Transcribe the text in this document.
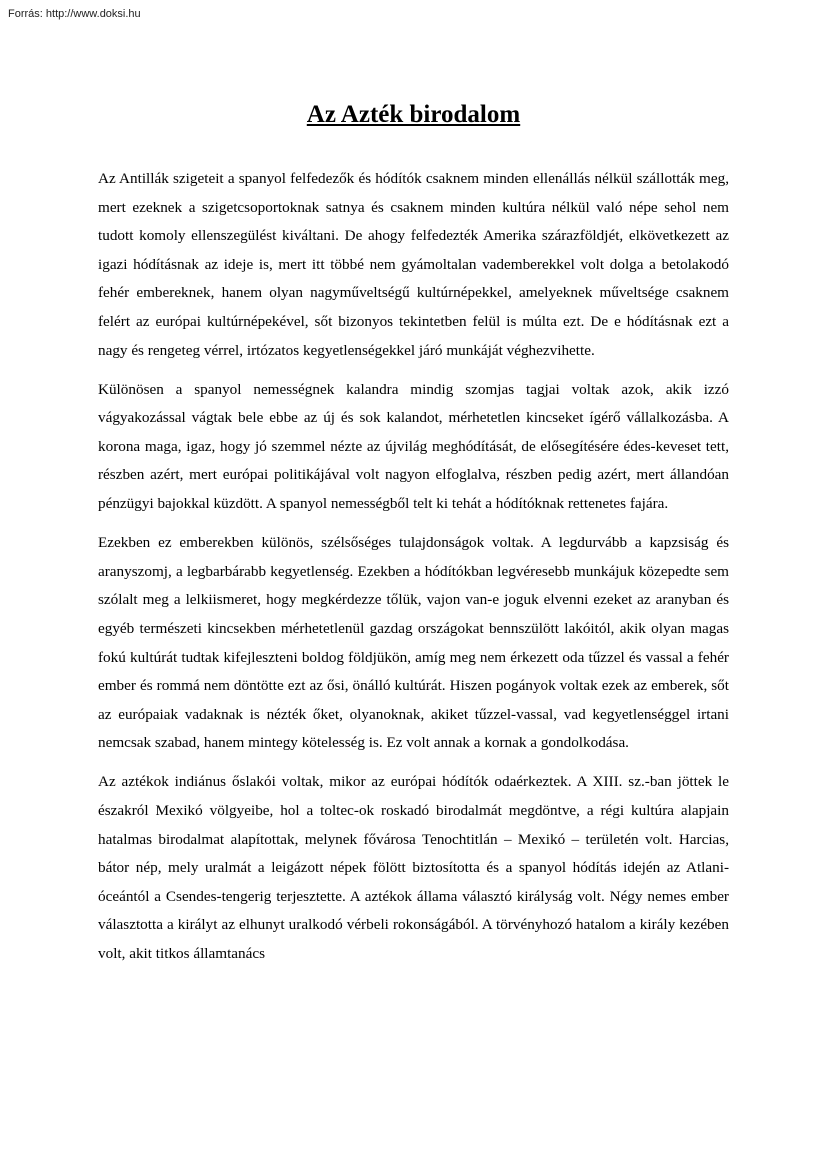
Forrás: http://www.doksi.hu
Az Azték birodalom

Az Antillák szigeteit a spanyol felfedezők és hódítók csaknem minden ellenállás nélkül szállották meg, mert ezeknek a szigetcsoportoknak satnya és csaknem minden kultúra nélkül való népe sehol nem tudott komoly ellenszegülést kiváltani. De ahogy felfedezték Amerika szárazföldjét, elkövetkezett az igazi hódításnak az ideje is, mert itt többé nem gyámoltalan vademberekkel volt dolga a betolakodó fehér embereknek, hanem olyan nagyműveltségű kultúrnépekkel, amelyeknek műveltsége csaknem felért az európai kultúrnépekével, sőt bizonyos tekintetben felül is múlta ezt. De e hódításnak ezt a nagy és rengeteg vérrel, irtózatos kegyetlenségekkel járó munkáját véghezvihette.

Különösen a spanyol nemességnek kalandra mindig szomjas tagjai voltak azok, akik izzó vágyakozással vágtak bele ebbe az új és sok kalandot, mérhetetlen kincseket ígérő vállalkozásba. A korona maga, igaz, hogy jó szemmel nézte az újvilág meghódítását, de elősegítésére édes-keveset tett, részben azért, mert európai politikájával volt nagyon elfoglalva, részben pedig azért, mert állandóan pénzügyi bajokkal küzdött. A spanyol nemességből telt ki tehát a hódítóknak rettenetes fajára.

Ezekben ez emberekben különös, szélsőséges tulajdonságok voltak. A legdurvább a kapzsiság és aranyszomj, a legbarbárabb kegyetlenség. Ezekben a hódítókban legvéresebb munkájuk közepedte sem szólalt meg a lelkiismeret, hogy megkérdezze tőlük, vajon van-e joguk elvenni ezeket az aranyban és egyéb természeti kincsekben mérhetetlenül gazdag országokat bennszülött lakóitól, akik olyan magas fokú kultúrát tudtak kifejleszteni boldog földjükön, amíg meg nem érkezett oda tűzzel és vassal a fehér ember és rommá nem döntötte ezt az ősi, önálló kultúrát. Hiszen pogányok voltak ezek az emberek, sőt az európaiak vadaknak is nézték őket, olyanoknak, akiket tűzzel-vassal, vad kegyetlenséggel irtani nemcsak szabad, hanem mintegy kötelesség is. Ez volt annak a kornak a gondolkodása.

Az aztékok indiánus őslakói voltak, mikor az európai hódítók odaérkeztek. A XIII. sz.-ban jöttek le északról Mexikó völgyeibe, hol a toltec-ok roskadó birodalmát megdöntve, a régi kultúra alapjain hatalmas birodalmat alapítottak, melynek fővárosa Tenochtitlán – Mexikó – területén volt. Harcias, bátor nép, mely uralmát a leigázott népek fölött biztosította és a spanyol hódítás idején az Atlani-óceántól a Csendes-tengerig terjesztette. A aztékok állama választó királyság volt. Négy nemes ember választotta a királyt az elhunyt uralkodó vérbeli rokonságából. A törvényhozó hatalom a király kezében volt, akit titkos államtanács
